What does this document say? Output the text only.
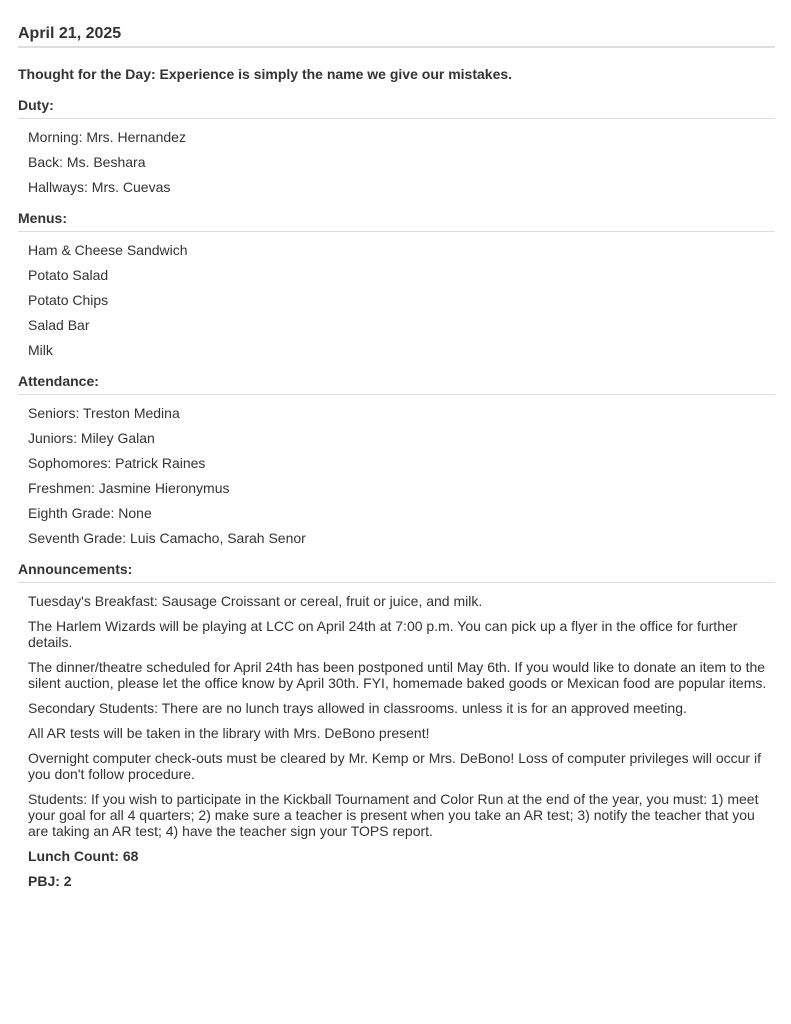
April 21, 2025

Thought for the Day: Experience is simply the name we give our mistakes.

Duty:
Morning: Mrs. Hernandez
Back: Ms. Beshara
Hallways: Mrs. Cuevas
Menus:
Ham & Cheese Sandwich
Potato Salad
Potato Chips
Salad Bar
Milk
Attendance:
Seniors: Treston Medina
Juniors: Miley Galan
Sophomores: Patrick Raines
Freshmen: Jasmine Hieronymus
Eighth Grade: None
Seventh Grade: Luis Camacho, Sarah Senor
Announcements:
Tuesday's Breakfast: Sausage Croissant or cereal, fruit or juice, and milk.
The Harlem Wizards will be playing at LCC on April 24th at 7:00 p.m. You can pick up a flyer in the office for further details.
The dinner/theatre scheduled for April 24th has been postponed until May 6th. If you would like to donate an item to the silent auction, please let the office know by April 30th. FYI, homemade baked goods or Mexican food are popular items.
Secondary Students: There are no lunch trays allowed in classrooms. unless it is for an approved meeting.
All AR tests will be taken in the library with Mrs. DeBono present!
Overnight computer check-outs must be cleared by Mr. Kemp or Mrs. DeBono! Loss of computer privileges will occur if you don't follow procedure.
Students: If you wish to participate in the Kickball Tournament and Color Run at the end of the year, you must: 1) meet your goal for all 4 quarters; 2) make sure a teacher is present when you take an AR test; 3) notify the teacher that you are taking an AR test; 4) have the teacher sign your TOPS report.
Lunch Count: 68
PBJ: 2
